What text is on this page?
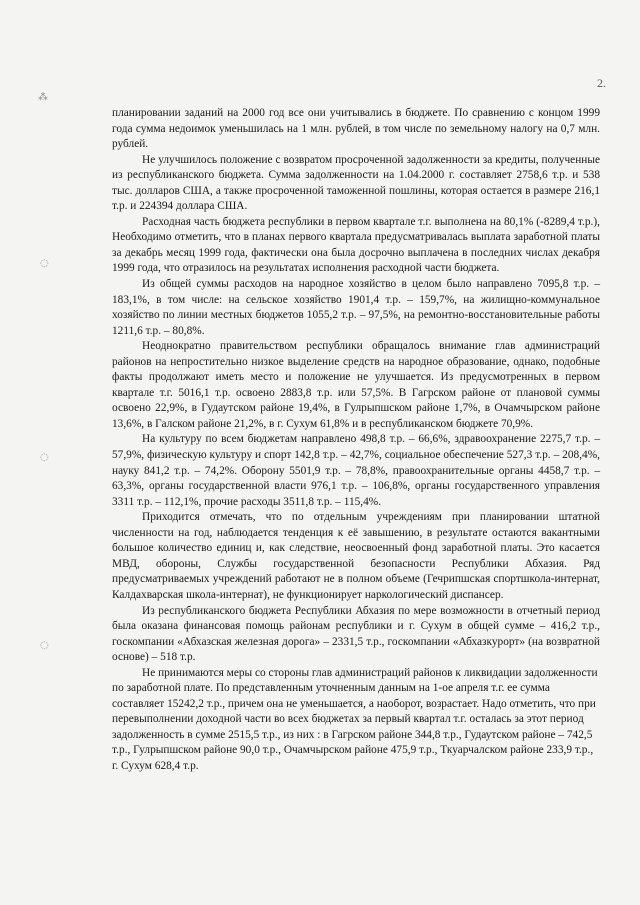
2.
⁂
◌
◌
◌

планировании заданий на 2000 год все они учитывались в бюджете. По сравнению с концом 1999 года сумма недоимок уменьшилась на 1 млн. рублей, в том числе по земельному налогу на 0,7 млн. рублей.

Не улучшилось положение с возвратом просроченной задолженности за кредиты, полученные из республиканского бюджета. Сумма задолженности на 1.04.2000 г. составляет 2758,6 т.р. и 538 тыс. долларов США, а также просроченной таможенной пошлины, которая остается в размере 216,1 т.р. и 224394 доллара США.

Расходная часть бюджета республики в первом квартале т.г. выполнена на 80,1% (-8289,4 т.р.), Необходимо отметить, что в планах первого квартала предусматривалась выплата заработной платы за декабрь месяц 1999 года, фактически она была досрочно выплачена в последних числах декабря 1999 года, что отразилось на результатах исполнения расходной части бюджета.

Из общей суммы расходов на народное хозяйство в целом было направлено 7095,8 т.р. – 183,1%, в том числе: на сельское хозяйство 1901,4 т.р. – 159,7%, на жилищно-коммунальное хозяйство по линии местных бюджетов 1055,2 т.р. – 97,5%, на ремонтно-восстановительные работы 1211,6 т.р. – 80,8%.

Неоднократно правительством республики обращалось внимание глав администраций районов на непростительно низкое выделение средств на народное образование, однако, подобные факты продолжают иметь место и положение не улучшается. Из предусмотренных в первом квартале т.г. 5016,1 т.р. освоено 2883,8 т.р. или 57,5%. В Гагрском районе от плановой суммы освоено 22,9%, в Гудаутском районе 19,4%, в Гулрыпшском районе 1,7%, в Очамчырском районе 13,6%, в Галском районе 21,2%, в г. Сухум 61,8% и в республиканском бюджете 70,9%.

На культуру по всем бюджетам направлено 498,8 т.р. – 66,6%, здравоохранение 2275,7 т.р. – 57,9%, физическую культуру и спорт 142,8 т.р. – 42,7%, социальное обеспечение 527,3 т.р. – 208,4%, науку 841,2 т.р. – 74,2%. Оборону 5501,9 т.р. – 78,8%, правоохранительные органы 4458,7 т.р. – 63,3%, органы государственной власти 976,1 т.р. – 106,8%, органы государственного управления 3311 т.р. – 112,1%, прочие расходы 3511,8 т.р. – 115,4%.

Приходится отмечать, что по отдельным учреждениям при планировании штатной численности на год, наблюдается тенденция к её завышению, в результате остаются вакантными большое количество единиц и, как следствие, неосвоенный фонд заработной платы. Это касается МВД, обороны, Службы государственной безопасности Республики Абхазия. Ряд предусматриваемых учреждений работают не в полном объеме (Гечрипшская спортшкола-интернат, Калдахварская школа-интернат), не функционирует наркологический диспансер.

Из республиканского бюджета Республики Абхазия по мере возможности в отчетный период была оказана финансовая помощь районам республики и г. Сухум в общей сумме – 416,2 т.р., госкомпании «Абхазская железная дорога» – 2331,5 т.р., госкомпании «Абхазкурорт» (на возвратной основе) – 518 т.р.

Не принимаются меры со стороны глав администраций районов к ликвидации задолженности по заработной плате. По представленным уточненным данным на 1-ое апреля т.г. ее сумма составляет 15242,2 т.р., причем она не уменьшается, а наоборот, возрастает. Надо отметить, что при перевыполнении доходной части во всех бюджетах за первый квартал т.г. осталась за этот период задолженность в сумме 2515,5 т.р., из них : в Гагрском районе 344,8 т.р., Гудаутском районе – 742,5 т.р., Гулрыпшском районе 90,0 т.р., Очамчырском районе 475,9 т.р., Ткуарчалском районе 233,9 т.р., г. Сухум 628,4 т.р.
